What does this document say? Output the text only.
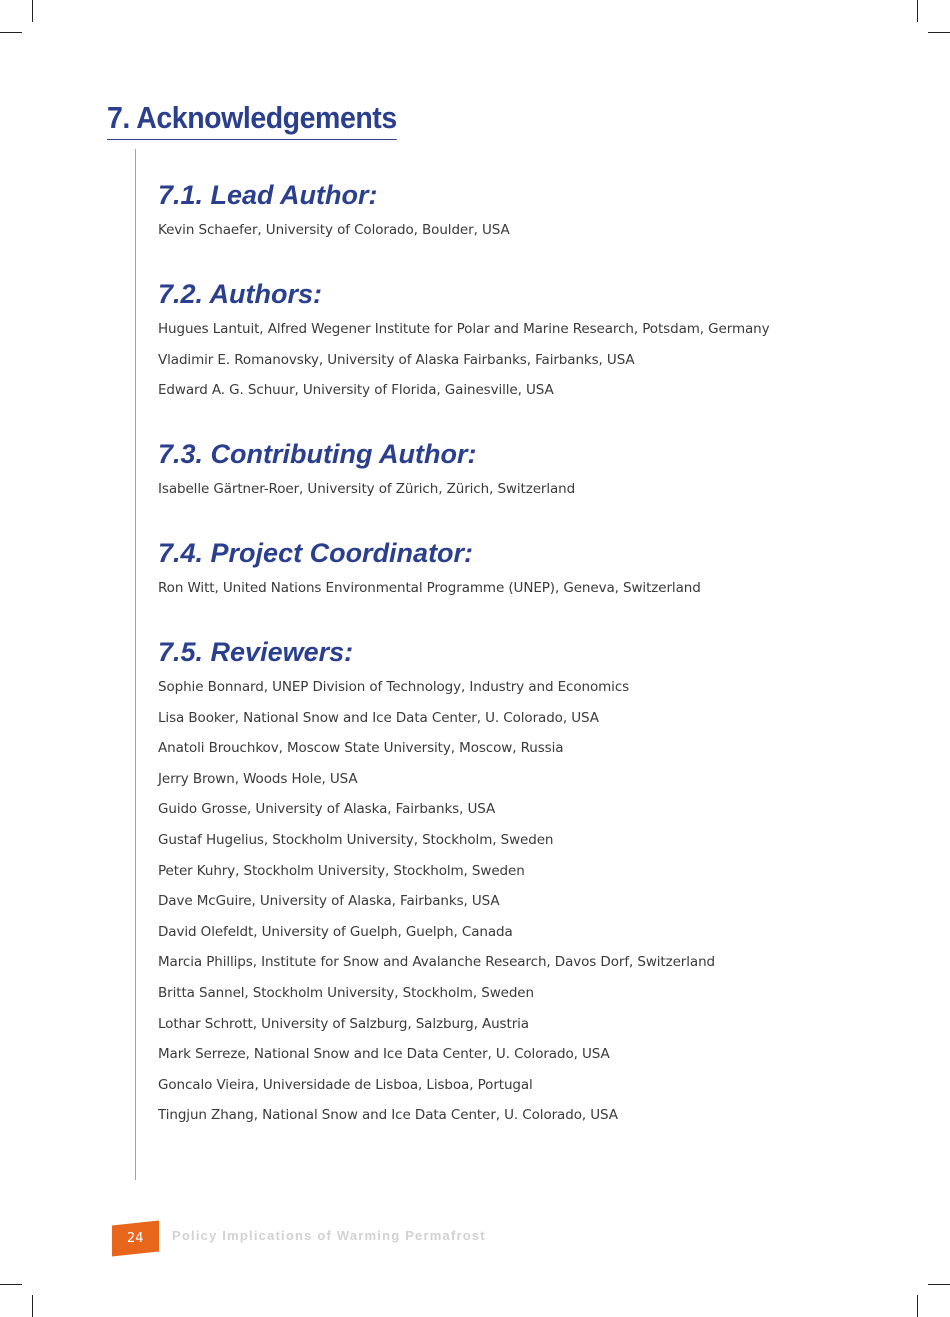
7. Acknowledgements
7.1. Lead Author:
Kevin Schaefer, University of Colorado, Boulder, USA
7.2. Authors:
Hugues Lantuit, Alfred Wegener Institute for Polar and Marine Research, Potsdam, Germany
Vladimir E. Romanovsky, University of Alaska Fairbanks, Fairbanks, USA
Edward A. G. Schuur, University of Florida, Gainesville, USA
7.3. Contributing Author:
Isabelle Gärtner-Roer, University of Zürich, Zürich, Switzerland
7.4. Project Coordinator:
Ron Witt, United Nations Environmental Programme (UNEP), Geneva, Switzerland
7.5. Reviewers:
Sophie Bonnard, UNEP Division of Technology, Industry and Economics
Lisa Booker, National Snow and Ice Data Center, U. Colorado, USA
Anatoli Brouchkov, Moscow State University, Moscow, Russia
Jerry Brown, Woods Hole, USA
Guido Grosse, University of Alaska, Fairbanks, USA
Gustaf Hugelius, Stockholm University, Stockholm, Sweden
Peter Kuhry, Stockholm University, Stockholm, Sweden
Dave McGuire, University of Alaska, Fairbanks, USA
David Olefeldt, University of Guelph, Guelph, Canada
Marcia Phillips, Institute for Snow and Avalanche Research, Davos Dorf, Switzerland
Britta Sannel, Stockholm University, Stockholm, Sweden
Lothar Schrott, University of Salzburg, Salzburg, Austria
Mark Serreze, National Snow and Ice Data Center, U. Colorado, USA
Goncalo Vieira, Universidade de Lisboa, Lisboa, Portugal
Tingjun Zhang, National Snow and Ice Data Center, U. Colorado, USA
24	Policy Implications of Warming Permafrost
